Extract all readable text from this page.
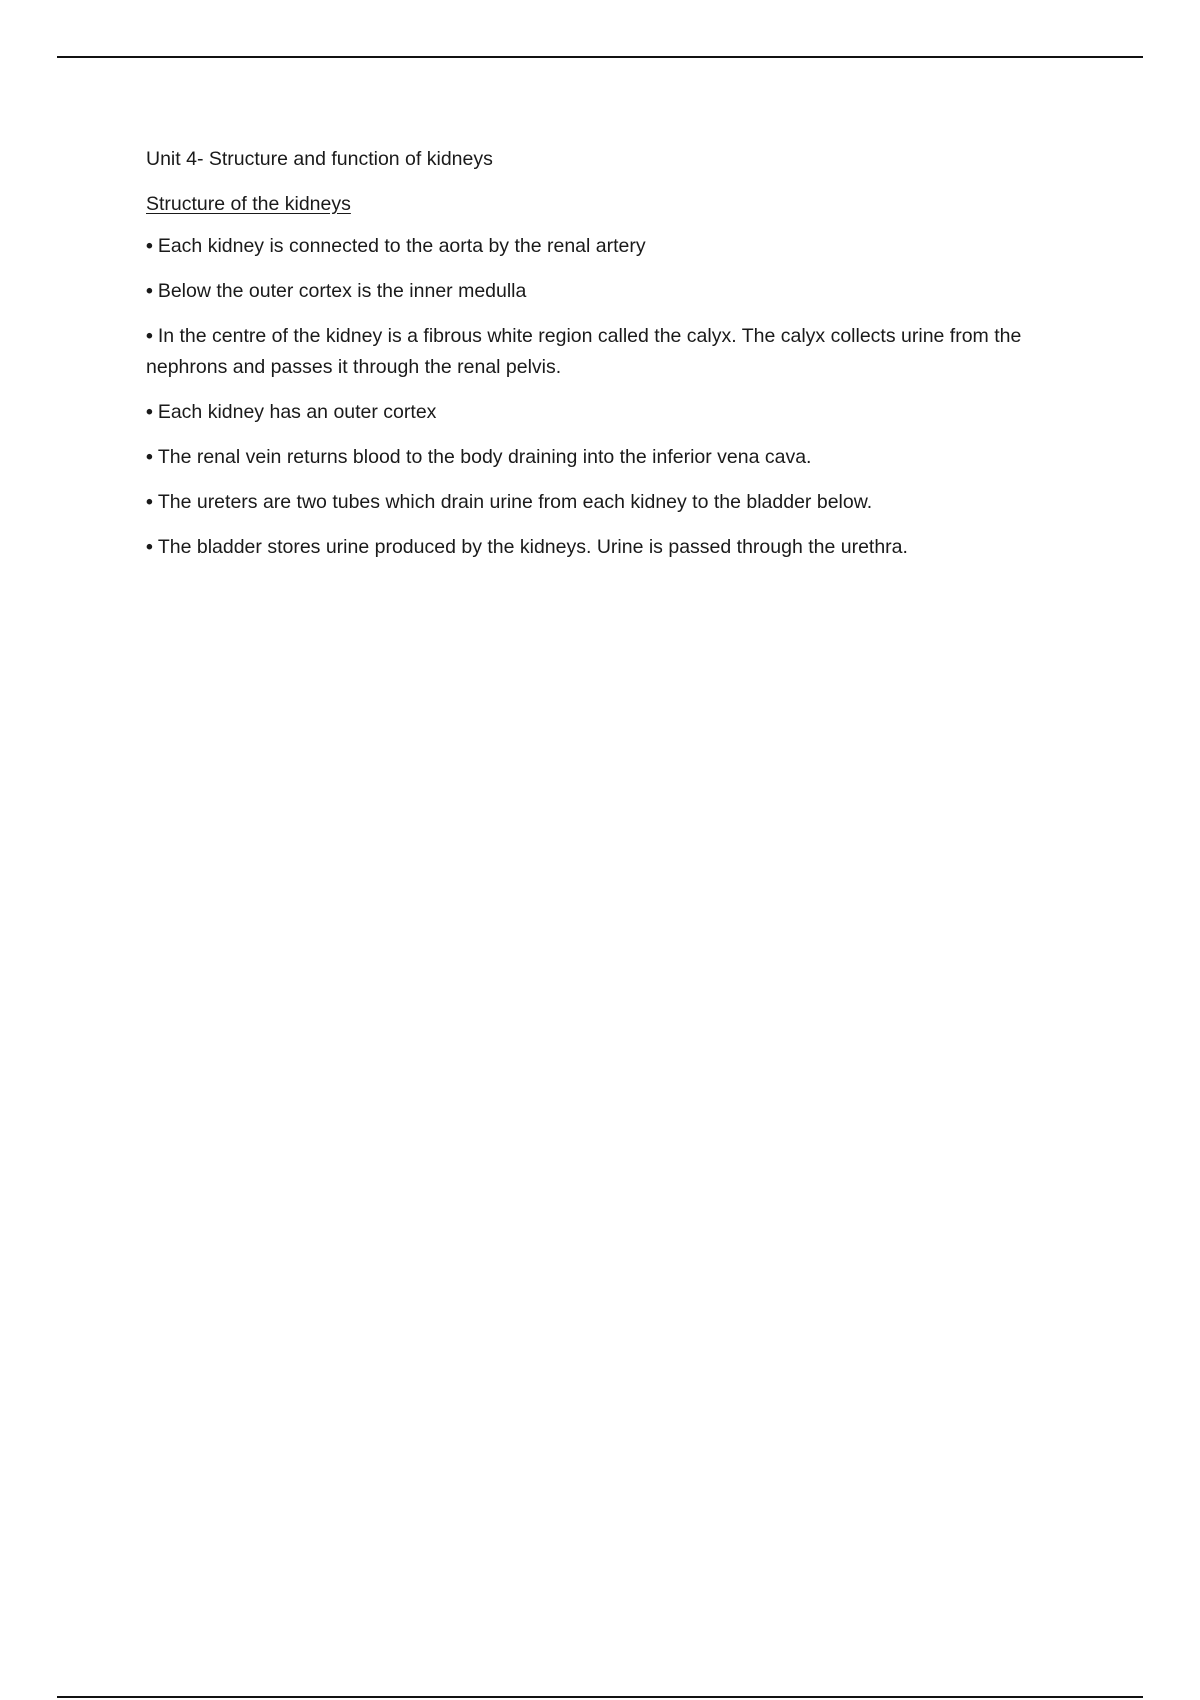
Unit 4- Structure and function of kidneys

Structure of the kidneys

• Each kidney is connected to the aorta by the renal artery

• Below the outer cortex is the inner medulla

• In the centre of the kidney is a fibrous white region called the calyx. The calyx collects urine from the nephrons and passes it through the renal pelvis.

• Each kidney has an outer cortex

• The renal vein returns blood to the body draining into the inferior vena cava.

• The ureters are two tubes which drain urine from each kidney to the bladder below.

• The bladder stores urine produced by the kidneys. Urine is passed through the urethra.
